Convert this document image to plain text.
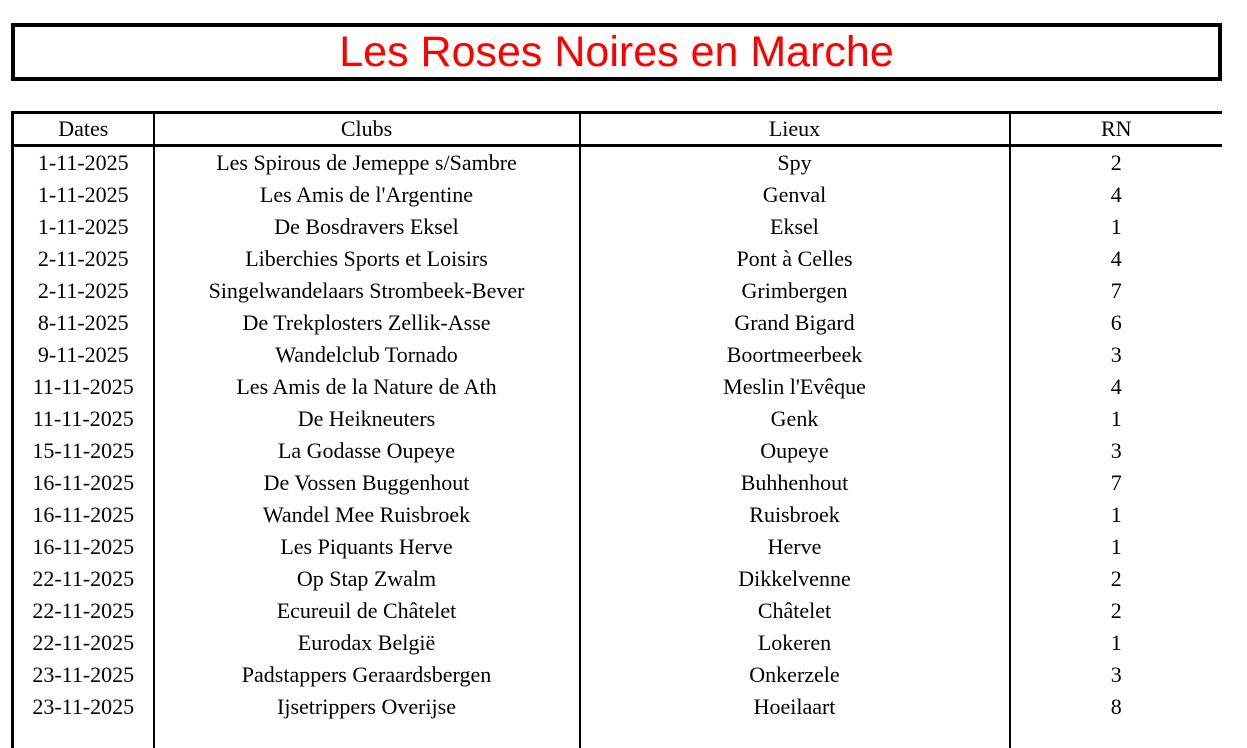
Les Roses Noires en Marche
Dates	Clubs	Lieux	RN
1-11-2025	Les Spirous de Jemeppe s/Sambre	Spy	2
1-11-2025	Les Amis de l'Argentine	Genval	4
1-11-2025	De Bosdravers Eksel	Eksel	1
2-11-2025	Liberchies Sports et Loisirs	Pont à Celles	4
2-11-2025	Singelwandelaars Strombeek-Bever	Grimbergen	7
8-11-2025	De Trekplosters Zellik-Asse	Grand Bigard	6
9-11-2025	Wandelclub Tornado	Boortmeerbeek	3
11-11-2025	Les Amis de la Nature de Ath	Meslin l'Evêque	4
11-11-2025	De Heikneuters	Genk	1
15-11-2025	La Godasse Oupeye	Oupeye	3
16-11-2025	De Vossen Buggenhout	Buhhenhout	7
16-11-2025	Wandel Mee Ruisbroek	Ruisbroek	1
16-11-2025	Les Piquants Herve	Herve	1
22-11-2025	Op Stap Zwalm	Dikkelvenne	2
22-11-2025	Ecureuil de Châtelet	Châtelet	2
22-11-2025	Eurodax België	Lokeren	1
23-11-2025	Padstappers Geraardsbergen	Onkerzele	3
23-11-2025	Ijsetrippers Overijse	Hoeilaart	8
